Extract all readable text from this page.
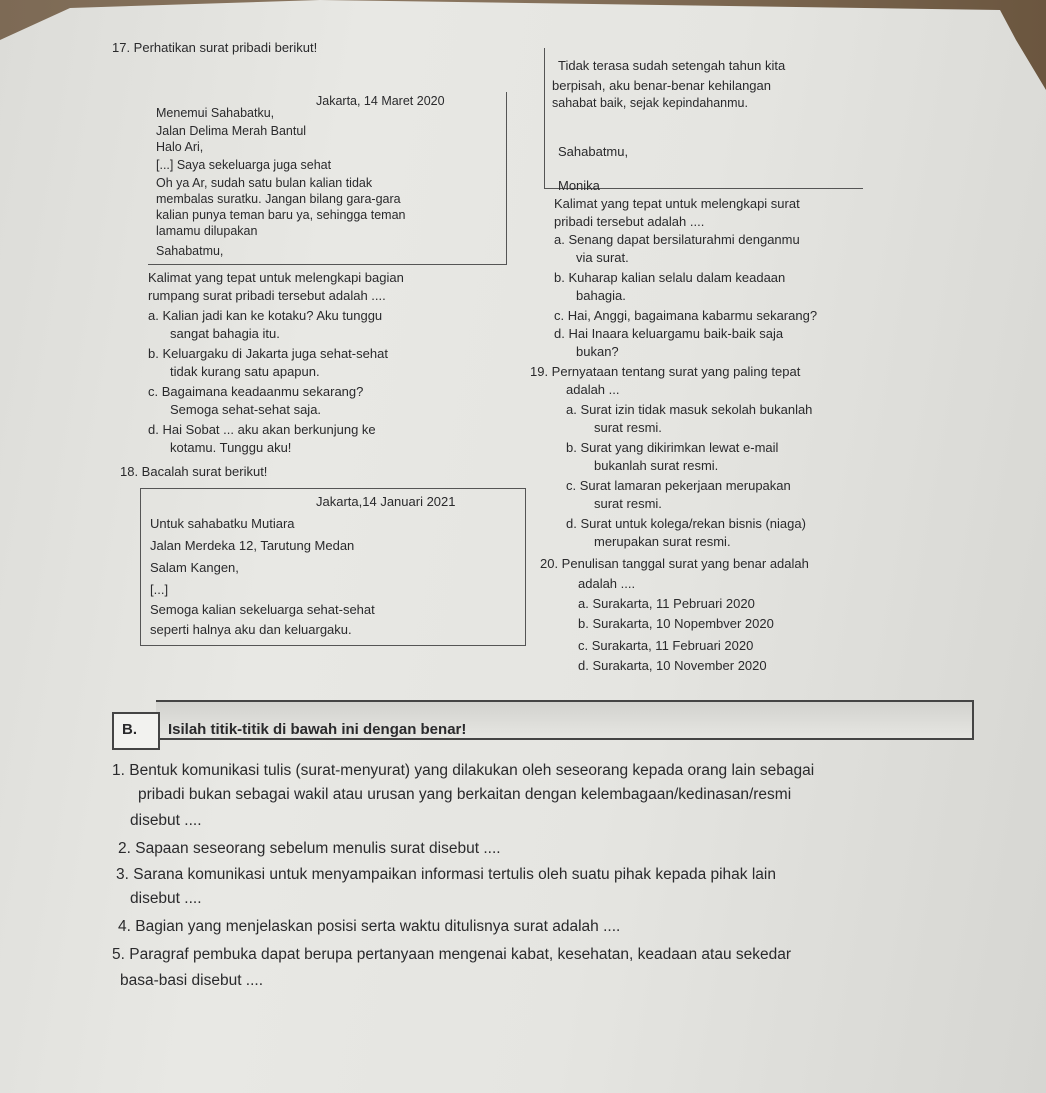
17. Perhatikan surat pribadi berikut!
Jakarta, 14 Maret 2020
Menemui Sahabatku,
Jalan Delima Merah Bantul
Halo Ari,
[...] Saya sekeluarga juga sehat
Oh ya Ar, sudah satu bulan kalian tidak
membalas suratku. Jangan bilang gara-gara
kalian punya teman baru ya, sehingga teman
lamamu dilupakan
Sahabatmu,
Kalimat yang tepat untuk melengkapi bagian
rumpang surat pribadi tersebut adalah ....
a. Kalian jadi kan ke kotaku? Aku tunggu
sangat bahagia itu.
b. Keluargaku di Jakarta juga sehat-sehat
tidak kurang satu apapun.
c. Bagaimana keadaanmu sekarang?
Semoga sehat-sehat saja.
d. Hai Sobat ... aku akan berkunjung ke
kotamu. Tunggu aku!
18. Bacalah surat berikut!
Jakarta,14 Januari 2021
Untuk sahabatku Mutiara
Jalan Merdeka 12, Tarutung Medan
Salam Kangen,
[...]
Semoga kalian sekeluarga sehat-sehat
seperti halnya aku dan keluargaku.
Tidak terasa sudah setengah tahun kita
berpisah, aku benar-benar kehilangan
sahabat baik, sejak kepindahanmu.
Sahabatmu,
Monika
Kalimat yang tepat untuk melengkapi surat
pribadi tersebut adalah ....
a. Senang dapat bersilaturahmi denganmu
via surat.
b. Kuharap kalian selalu dalam keadaan
bahagia.
c. Hai, Anggi, bagaimana kabarmu sekarang?
d. Hai Inaara keluargamu baik-baik saja
bukan?
19. Pernyataan tentang surat yang paling tepat
adalah ...
a. Surat izin tidak masuk sekolah bukanlah
surat resmi.
b. Surat yang dikirimkan lewat e-mail
bukanlah surat resmi.
c. Surat lamaran pekerjaan merupakan
surat resmi.
d. Surat untuk kolega/rekan bisnis (niaga)
merupakan surat resmi.
20. Penulisan tanggal surat yang benar adalah
adalah ....
a. Surakarta, 11 Pebruari 2020
b. Surakarta, 10 Nopembver 2020
c. Surakarta, 11 Februari 2020
d. Surakarta, 10 November 2020
B. Isilah titik-titik di bawah ini dengan benar!
1. Bentuk komunikasi tulis (surat-menyurat) yang dilakukan oleh seseorang kepada orang lain sebagai
pribadi bukan sebagai wakil atau urusan yang berkaitan dengan kelembagaan/kedinasan/resmi
disebut ....
2. Sapaan seseorang sebelum menulis surat disebut ....
3. Sarana komunikasi untuk menyampaikan informasi tertulis oleh suatu pihak kepada pihak lain
disebut ....
4. Bagian yang menjelaskan posisi serta waktu ditulisnya surat adalah ....
5. Paragraf pembuka dapat berupa pertanyaan mengenai kabat, kesehatan, keadaan atau sekedar
basa-basi disebut ....
